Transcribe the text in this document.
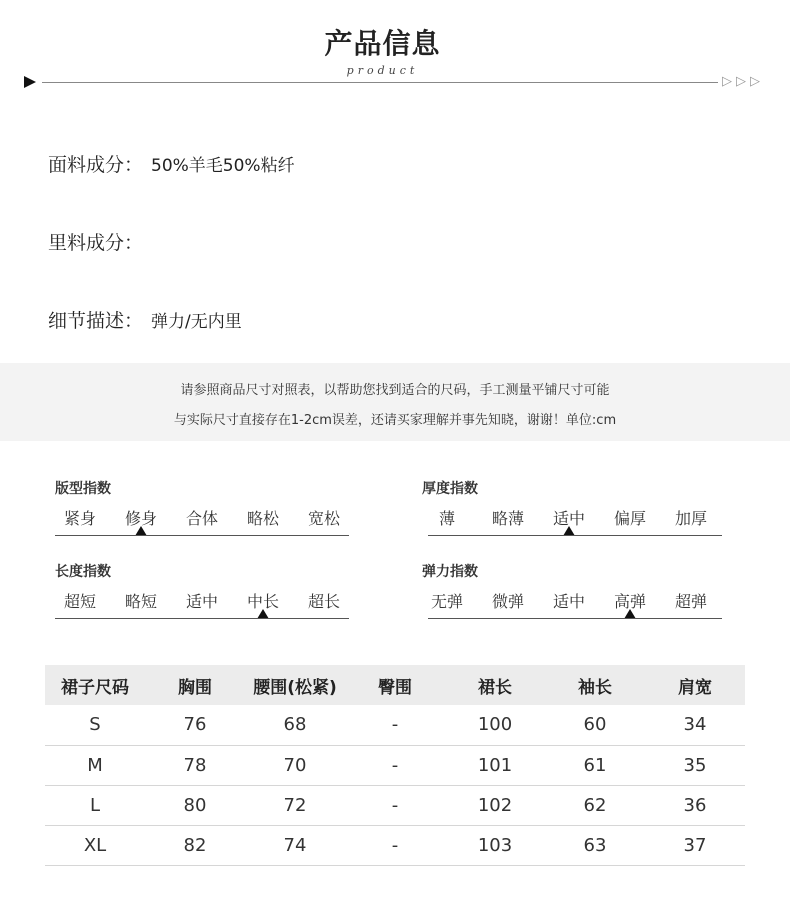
产品信息
product
▷ ▷ ▷
面料成分： 50%羊毛50%粘纤
里料成分：
细节描述： 弹力/无内里
请参照商品尺寸对照表，以帮助您找到适合的尺码，手工测量平铺尺寸可能
与实际尺寸直接存在1-2cm误差，还请买家理解并事先知晓，谢谢！单位:cm
版型指数
紧身	修身	合体	略松	宽松
厚度指数
薄	略薄	适中	偏厚	加厚
长度指数
超短	略短	适中	中长	超长
弹力指数
无弹	微弹	适中	高弹	超弹
裙子尺码	胸围	腰围(松紧)	臀围	裙长	袖长	肩宽
S	76	68	-	100	60	34
M	78	70	-	101	61	35
L	80	72	-	102	62	36
XL	82	74	-	103	63	37
